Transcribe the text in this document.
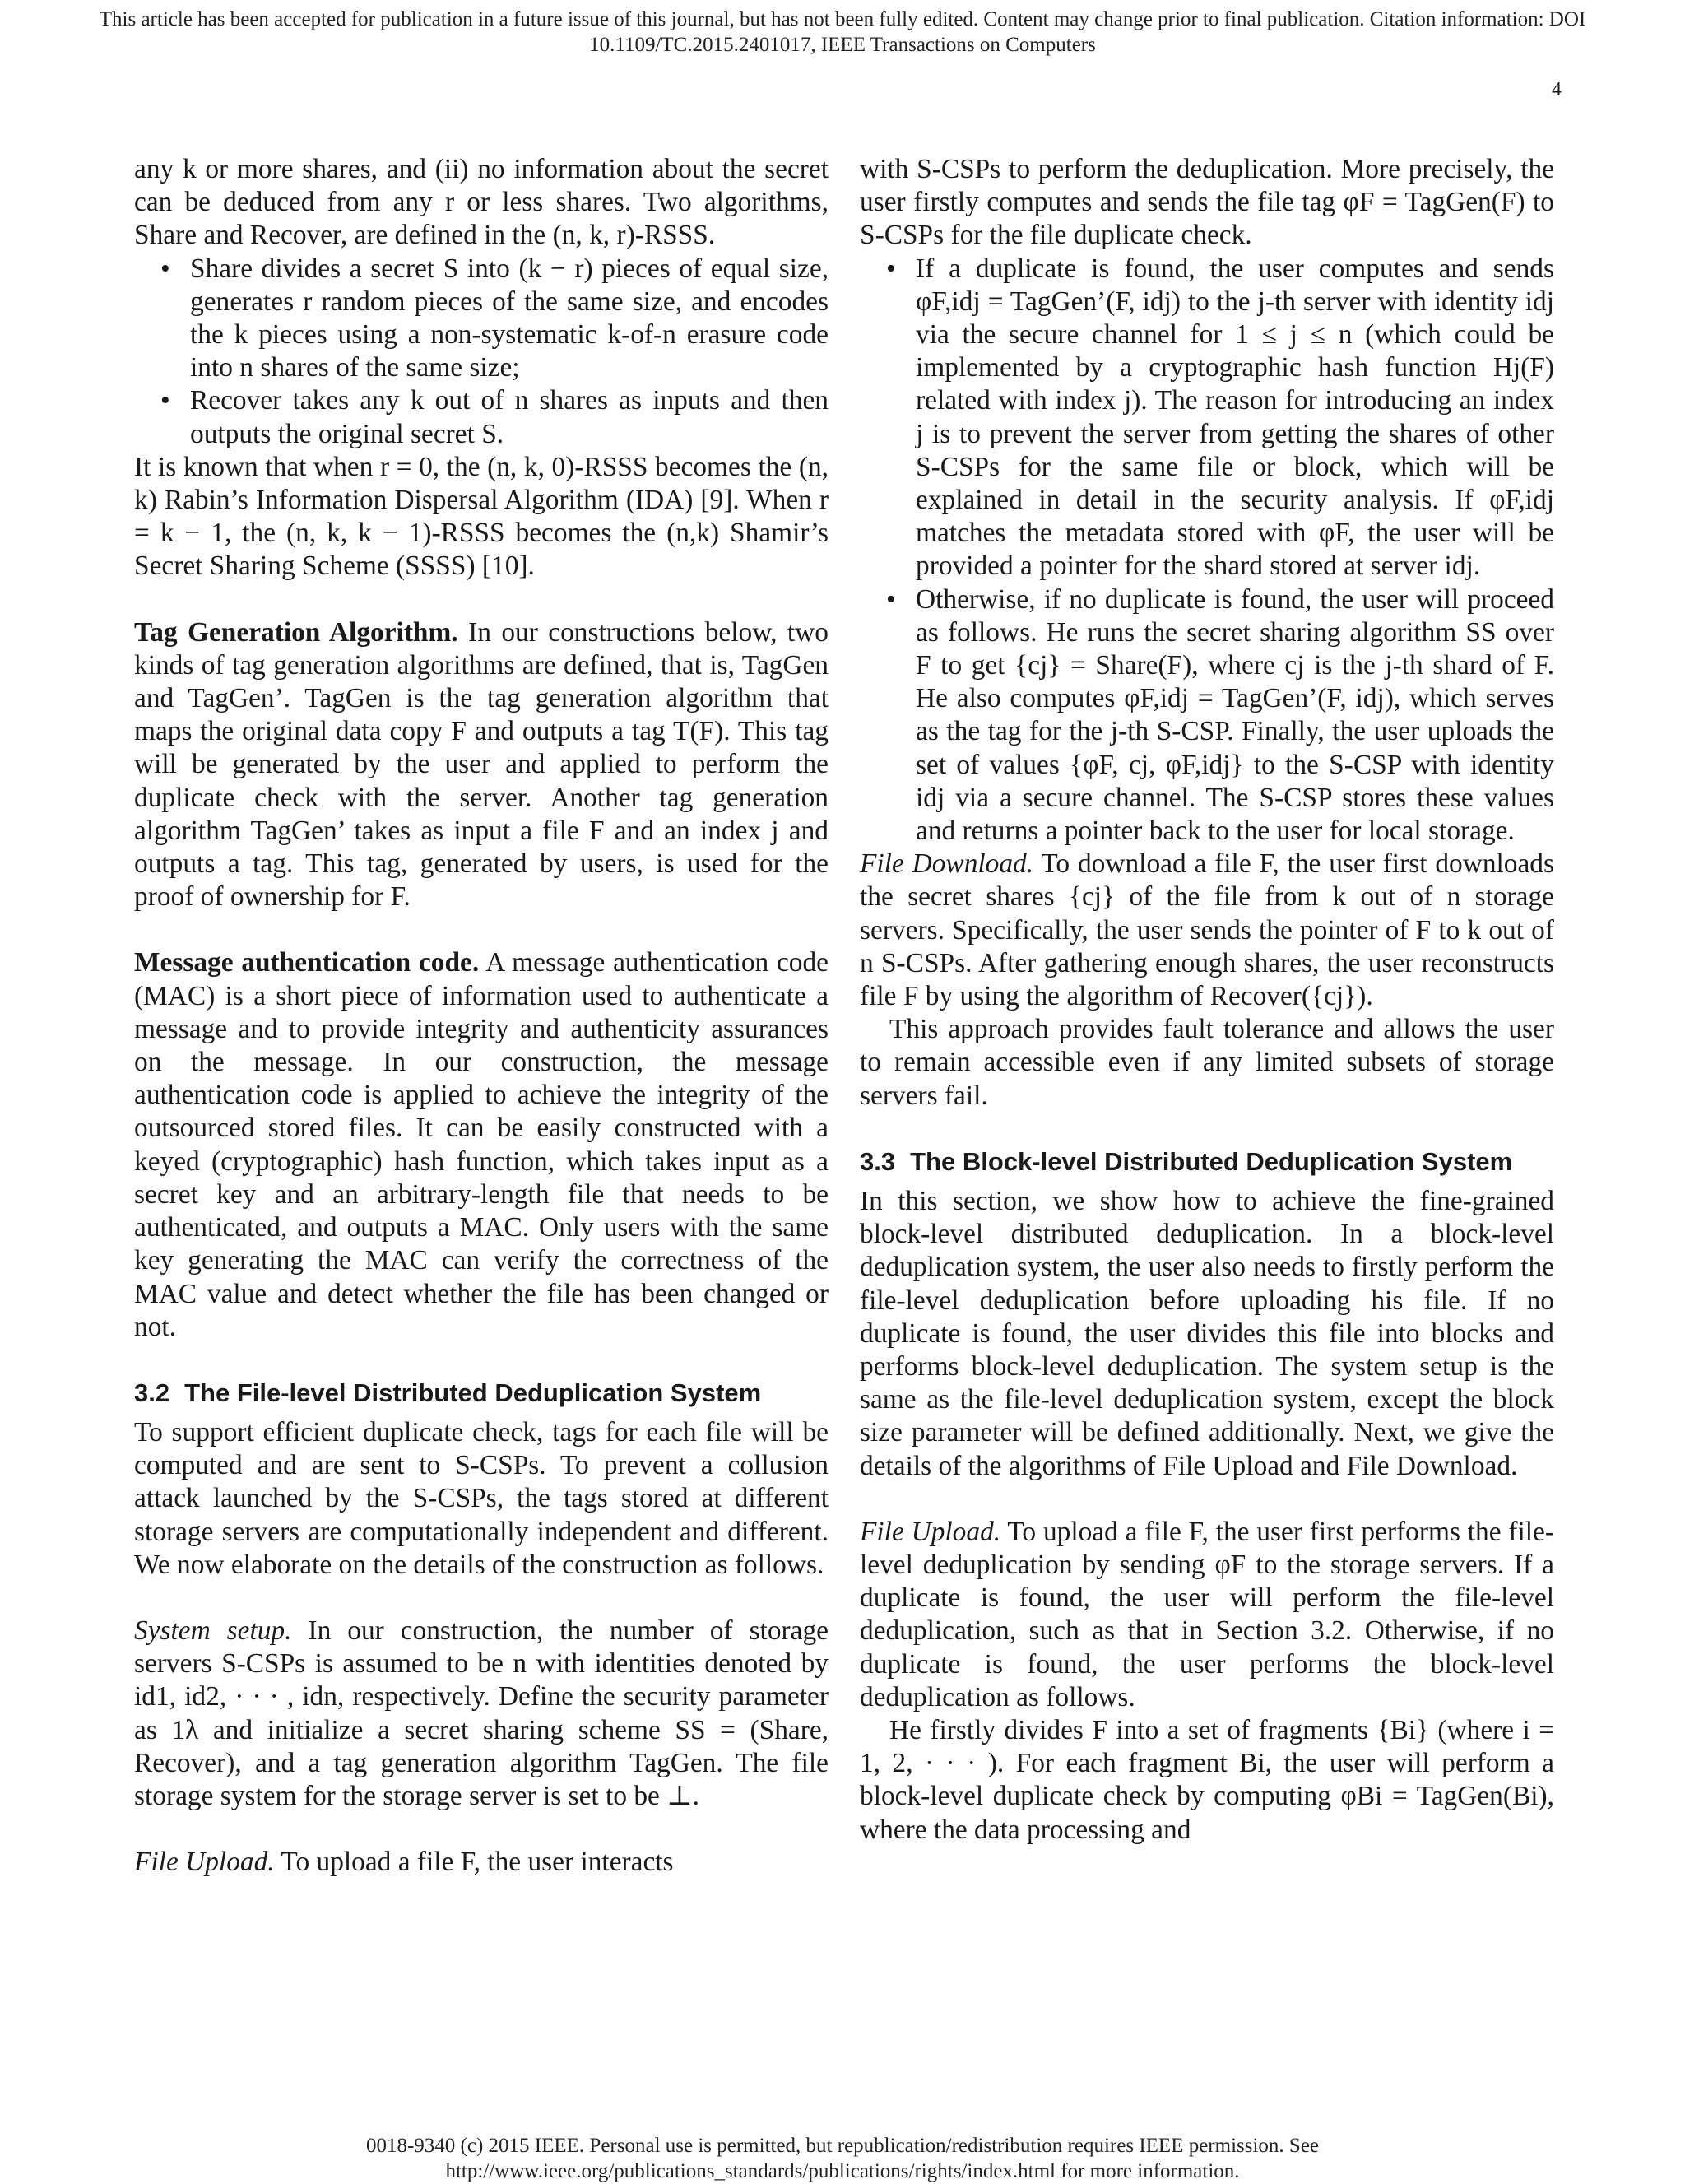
This article has been accepted for publication in a future issue of this journal, but has not been fully edited. Content may change prior to final publication. Citation information: DOI
10.1109/TC.2015.2401017, IEEE Transactions on Computers
4

any k or more shares, and (ii) no information about the secret can be deduced from any r or less shares. Two algorithms, Share and Recover, are defined in the (n, k, r)-RSSS.

• Share divides a secret S into (k − r) pieces of equal size, generates r random pieces of the same size, and encodes the k pieces using a non-systematic k-of-n erasure code into n shares of the same size;
• Recover takes any k out of n shares as inputs and then outputs the original secret S.

It is known that when r = 0, the (n, k, 0)-RSSS becomes the (n, k) Rabin’s Information Dispersal Algorithm (IDA) [9]. When r = k − 1, the (n, k, k − 1)-RSSS becomes the (n,k) Shamir’s Secret Sharing Scheme (SSSS) [10].

Tag Generation Algorithm. In our constructions below, two kinds of tag generation algorithms are defined, that is, TagGen and TagGen’. TagGen is the tag generation algorithm that maps the original data copy F and outputs a tag T(F). This tag will be generated by the user and applied to perform the duplicate check with the server. Another tag generation algorithm TagGen’ takes as input a file F and an index j and outputs a tag. This tag, generated by users, is used for the proof of ownership for F.

Message authentication code. A message authentication code (MAC) is a short piece of information used to authenticate a message and to provide integrity and authenticity assurances on the message. In our construction, the message authentication code is applied to achieve the integrity of the outsourced stored files. It can be easily constructed with a keyed (cryptographic) hash function, which takes input as a secret key and an arbitrary-length file that needs to be authenticated, and outputs a MAC. Only users with the same key generating the MAC can verify the correctness of the MAC value and detect whether the file has been changed or not.

3.2 The File-level Distributed Deduplication System

To support efficient duplicate check, tags for each file will be computed and are sent to S-CSPs. To prevent a collusion attack launched by the S-CSPs, the tags stored at different storage servers are computationally independent and different. We now elaborate on the details of the construction as follows.

System setup. In our construction, the number of storage servers S-CSPs is assumed to be n with identities denoted by id1, id2, · · · , idn, respectively. Define the security parameter as 1λ and initialize a secret sharing scheme SS = (Share, Recover), and a tag generation algorithm TagGen. The file storage system for the storage server is set to be ⊥.

File Upload. To upload a file F, the user interacts

with S-CSPs to perform the deduplication. More precisely, the user firstly computes and sends the file tag φF = TagGen(F) to S-CSPs for the file duplicate check.

• If a duplicate is found, the user computes and sends φF,idj = TagGen’(F, idj) to the j-th server with identity idj via the secure channel for 1 ≤ j ≤ n (which could be implemented by a cryptographic hash function Hj(F) related with index j). The reason for introducing an index j is to prevent the server from getting the shares of other S-CSPs for the same file or block, which will be explained in detail in the security analysis. If φF,idj matches the metadata stored with φF, the user will be provided a pointer for the shard stored at server idj.
• Otherwise, if no duplicate is found, the user will proceed as follows. He runs the secret sharing algorithm SS over F to get {cj} = Share(F), where cj is the j-th shard of F. He also computes φF,idj = TagGen’(F, idj), which serves as the tag for the j-th S-CSP. Finally, the user uploads the set of values {φF, cj, φF,idj} to the S-CSP with identity idj via a secure channel. The S-CSP stores these values and returns a pointer back to the user for local storage.

File Download. To download a file F, the user first downloads the secret shares {cj} of the file from k out of n storage servers. Specifically, the user sends the pointer of F to k out of n S-CSPs. After gathering enough shares, the user reconstructs file F by using the algorithm of Recover({cj}).

This approach provides fault tolerance and allows the user to remain accessible even if any limited subsets of storage servers fail.

3.3 The Block-level Distributed Deduplication System

In this section, we show how to achieve the fine-grained block-level distributed deduplication. In a block-level deduplication system, the user also needs to firstly perform the file-level deduplication before uploading his file. If no duplicate is found, the user divides this file into blocks and performs block-level deduplication. The system setup is the same as the file-level deduplication system, except the block size parameter will be defined additionally. Next, we give the details of the algorithms of File Upload and File Download.

File Upload. To upload a file F, the user first performs the file-level deduplication by sending φF to the storage servers. If a duplicate is found, the user will perform the file-level deduplication, such as that in Section 3.2. Otherwise, if no duplicate is found, the user performs the block-level deduplication as follows.

He firstly divides F into a set of fragments {Bi} (where i = 1, 2, · · · ). For each fragment Bi, the user will perform a block-level duplicate check by computing φBi = TagGen(Bi), where the data processing and

0018-9340 (c) 2015 IEEE. Personal use is permitted, but republication/redistribution requires IEEE permission. See
http://www.ieee.org/publications_standards/publications/rights/index.html for more information.
